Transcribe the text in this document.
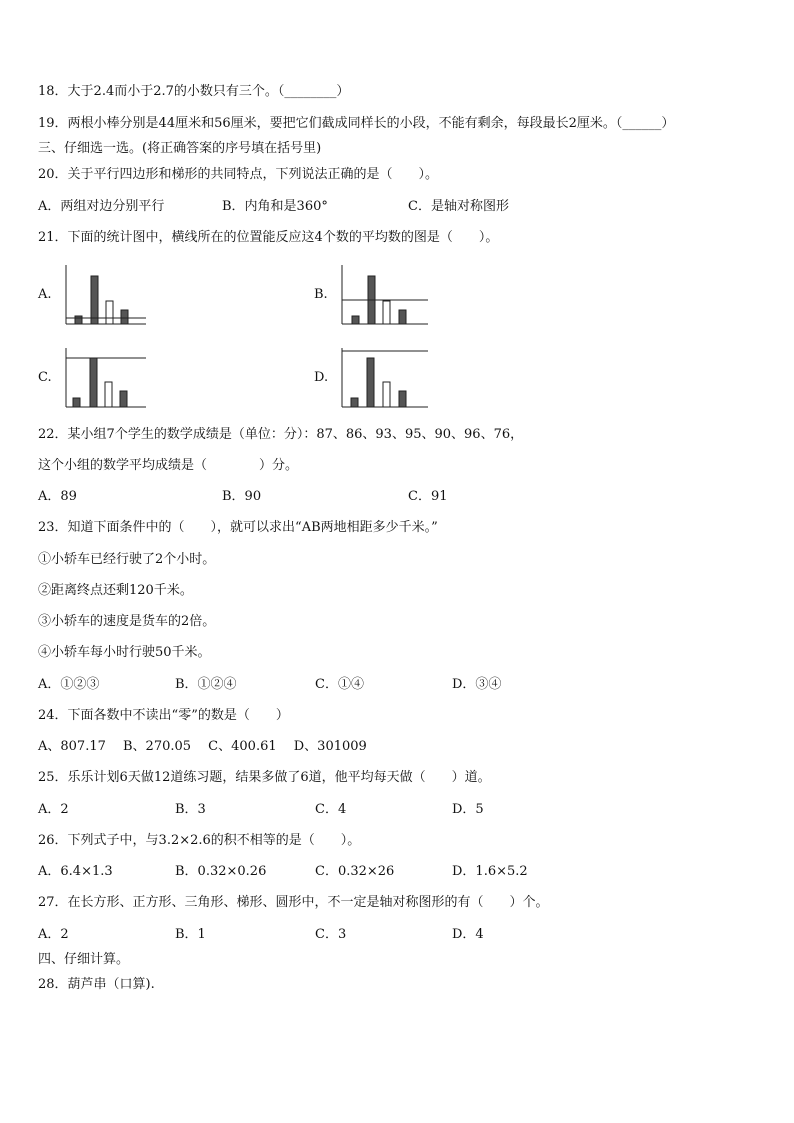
18．大于2.4而小于2.7的小数只有三个。（________）
19．两根小棒分别是44厘米和56厘米，要把它们截成同样长的小段，不能有剩余，每段最长2厘米。（______）
三、仔细选一选。(将正确答案的序号填在括号里)
20．关于平行四边形和梯形的共同特点，下列说法正确的是（　　）。
A．两组对边分别平行	B．内角和是360°	C．是轴对称图形
21．下面的统计图中，横线所在的位置能反应这4个数的平均数的图是（　　）。
A.	B.
C.	D.
22．某小组7个学生的数学成绩是（单位：分）：87、86、93、95、90、96、76，
这个小组的数学平均成绩是（　　　　）分。
A．89	B．90	C．91
23．知道下面条件中的（　　），就可以求出“AB两地相距多少千米。”
①小轿车已经行驶了2个小时。
②距离终点还剩120千米。
③小轿车的速度是货车的2倍。
④小轿车每小时行驶50千米。
A．①②③	B．①②④	C．①④	D．③④
24．下面各数中不读出“零”的数是（　　）
A、807.17　 B、270.05　 C、400.61　 D、301009
25．乐乐计划6天做12道练习题，结果多做了6道，他平均每天做（　　）道。
A．2	B．3	C．4	D．5
26．下列式子中，与3.2×2.6的积不相等的是（　　）。
A．6.4×1.3	B．0.32×0.26	C．0.32×26	D．1.6×5.2
27．在长方形、正方形、三角形、梯形、圆形中，不一定是轴对称图形的有（　　）个。
A．2	B．1	C．3	D．4
四、仔细计算。
28．葫芦串（口算).
